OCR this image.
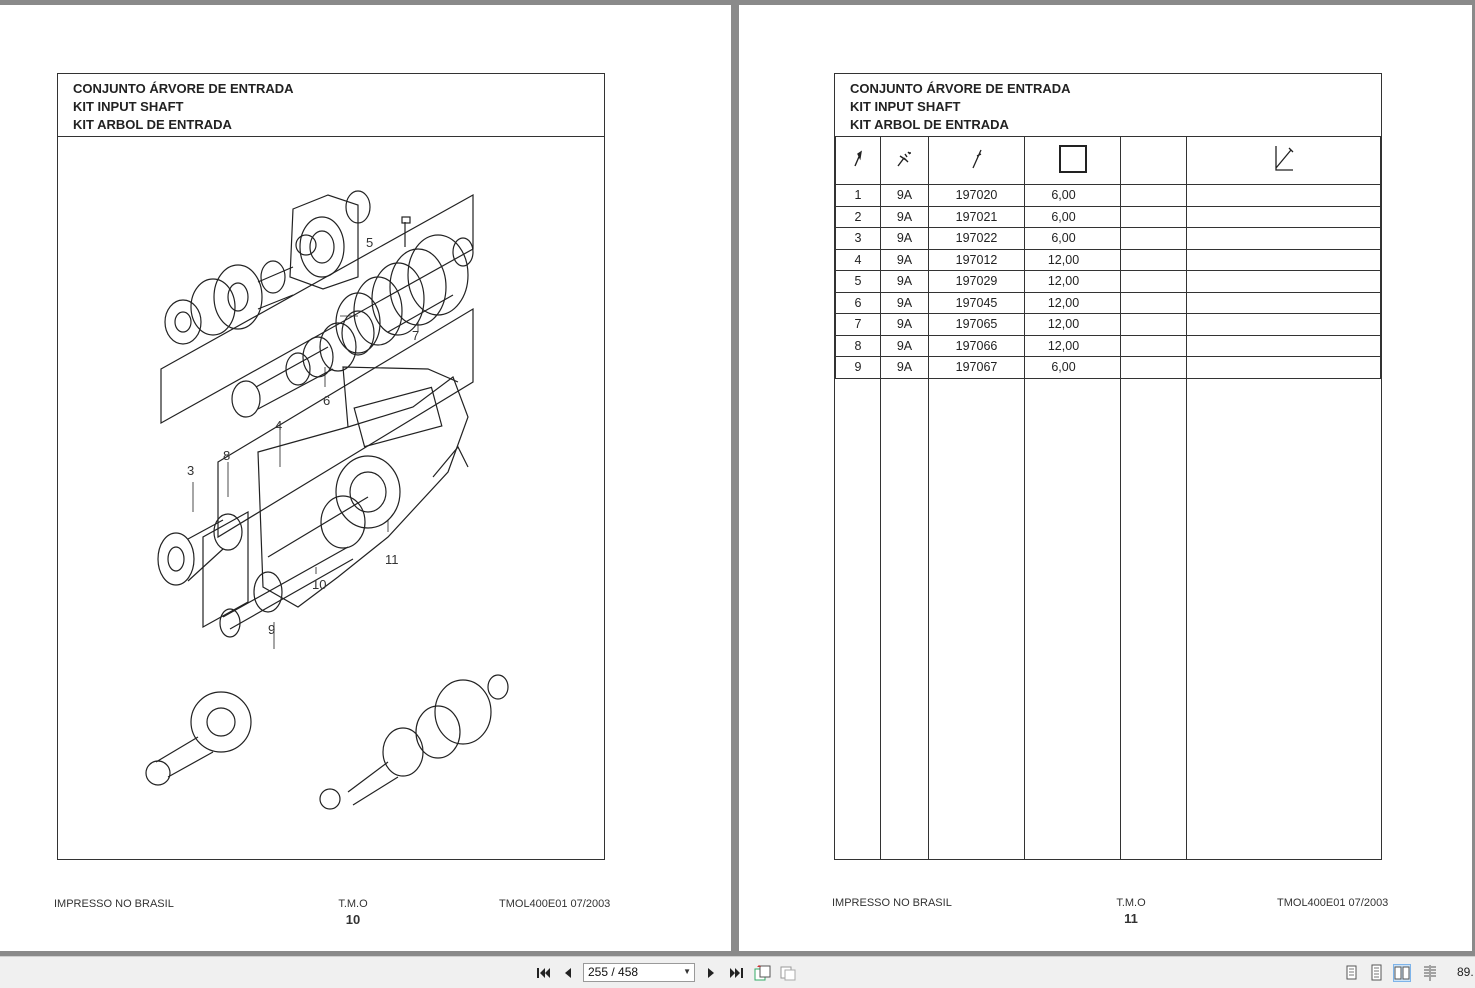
CONJUNTO ÁRVORE DE ENTRADA
KIT INPUT SHAFT
KIT ARBOL DE ENTRADA
5
7
6
4
3
8
11
10
9
IMPRESSO NO BRASIL	T.M.O
10
TMOL400E01 07/2003
CONJUNTO ÁRVORE DE ENTRADA
KIT INPUT SHAFT
KIT ARBOL DE ENTRADA

1	9A	197020	6,00		
2	9A	197021	6,00		
3	9A	197022	6,00		
4	9A	197012	12,00		
5	9A	197029	12,00		
6	9A	197045	12,00		
7	9A	197065	12,00		
8	9A	197066	12,00		
9	9A	197067	6,00		
IMPRESSO NO BRASIL	T.M.O
11
TMOL400E01 07/2003
255 / 458	▼	89.
